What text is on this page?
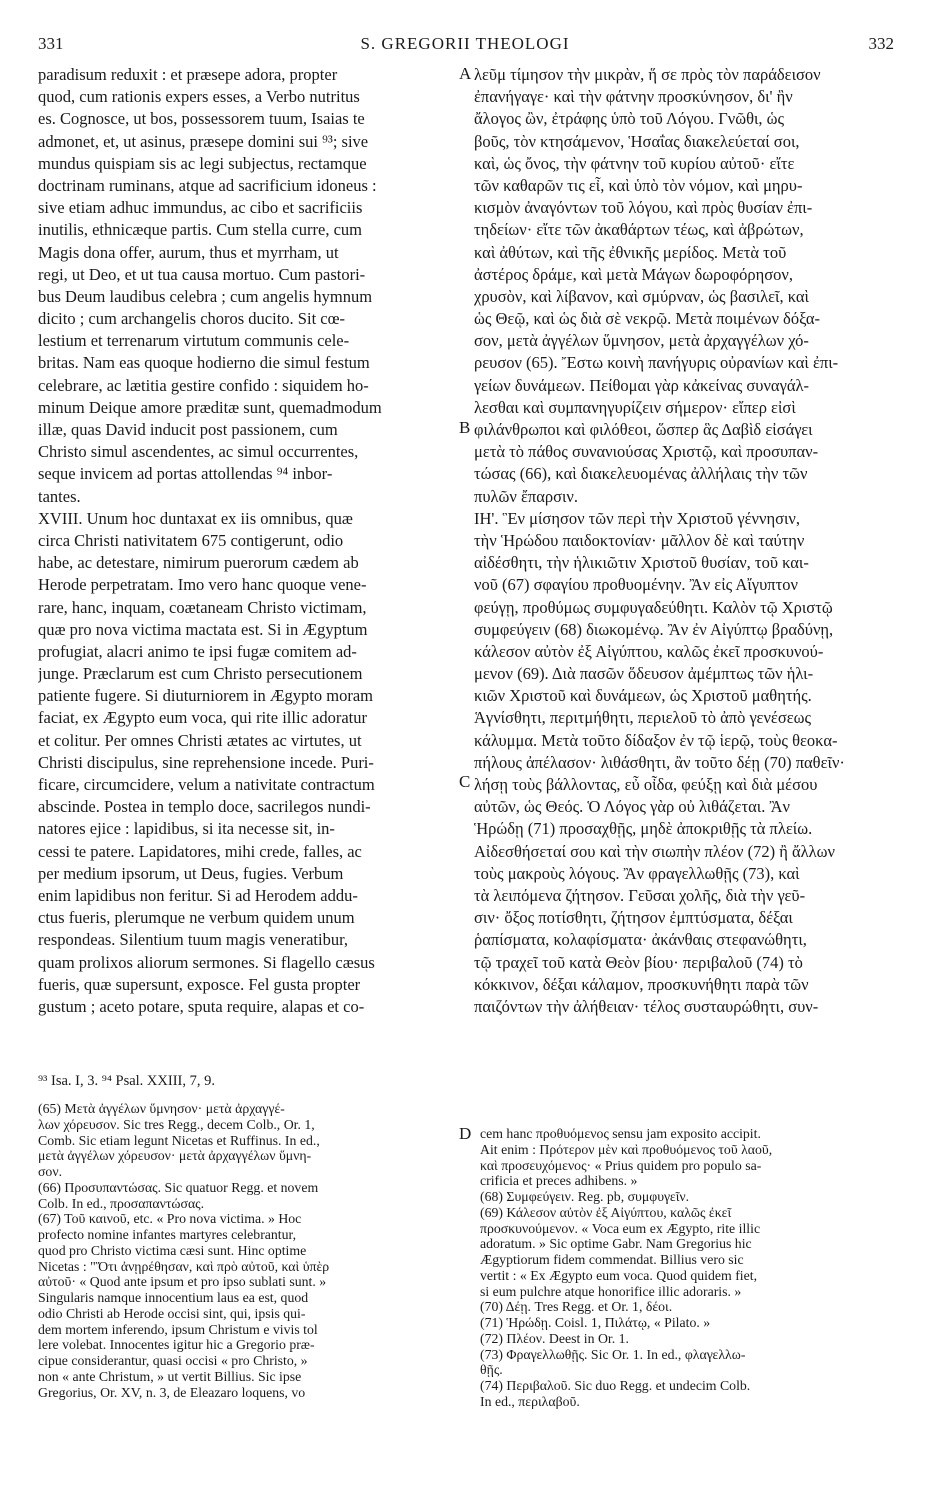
331	S. GREGORII THEOLOGI	332
paradisum reduxit : et præsepe adora, propter
quod, cum rationis expers esses, a Verbo nutritus
es. Cognosce, ut bos, possessorem tuum, Isaias te
admonet, et, ut asinus, præsepe domini sui ⁹³; sive
mundus quispiam sis ac legi subjectus, rectamque
doctrinam ruminans, atque ad sacrificium idoneus :
sive etiam adhuc immundus, ac cibo et sacrificiis
inutilis, ethnicæque partis. Cum stella curre, cum
Magis dona offer, aurum, thus et myrrham, ut
regi, ut Deo, et ut tua causa mortuo. Cum pastori-
bus Deum laudibus celebra ; cum angelis hymnum
dicito ; cum archangelis choros ducito. Sit cœ-
lestium et terrenarum virtutum communis cele-
britas. Nam eas quoque hodierno die simul festum
celebrare, ac lætitia gestire confido : siquidem ho-
minum Deique amore præditæ sunt, quemadmodum
illæ, quas David inducit post passionem, cum
Christo simul ascendentes, ac simul occurrentes,
seque invicem ad portas attollendas ⁹⁴ inbor-
tantes.
XVIII. Unum hoc duntaxat ex iis omnibus, quæ
circa Christi nativitatem 675 contigerunt, odio
habe, ac detestare, nimirum puerorum cædem ab
Herode perpetratam. Imo vero hanc quoque vene-
rare, hanc, inquam, coætaneam Christo victimam,
quæ pro nova victima mactata est. Si in Ægyptum
profugiat, alacri animo te ipsi fugæ comitem ad-
junge. Præclarum est cum Christo persecutionem
patiente fugere. Si diuturniorem in Ægypto moram
faciat, ex Ægypto eum voca, qui rite illic adoratur
et colitur. Per omnes Christi ætates ac virtutes, ut
Christi discipulus, sine reprehensione incede. Puri-
ficare, circumcidere, velum a nativitate contractum
abscinde. Postea in templo doce, sacrilegos nundi-
natores ejice : lapidibus, si ita necesse sit, in-
cessi te patere. Lapidatores, mihi crede, falles, ac
per medium ipsorum, ut Deus, fugies. Verbum
enim lapidibus non feritur. Si ad Herodem addu-
ctus fueris, plerumque ne verbum quidem unum
respondeas. Silentium tuum magis veneratibur,
quam prolixos aliorum sermones. Si flagello cæsus
fueris, quæ supersunt, exposce. Fel gusta propter
gustum ; aceto potare, sputa require, alapas et co-
λεῦμ τίμησον τὴν μικρὰν, ἥ σε πρὸς τὸν παράδεισον
ἐπανήγαγε· καὶ τὴν φάτνην προσκύνησον, δι' ἣν
ἄλογος ὢν, ἐτράφης ὑπὸ τοῦ Λόγου. Γνῶθι, ὡς
βοῦς, τὸν κτησάμενον, Ἡσαΐας διακελεύεταί σοι,
καὶ, ὡς ὄνος, τὴν φάτνην τοῦ κυρίου αὐτοῦ· εἴτε
τῶν καθαρῶν τις εἶ, καὶ ὑπὸ τὸν νόμον, καὶ μηρυ-
κισμὸν ἀναγόντων τοῦ λόγου, καὶ πρὸς θυσίαν ἐπι-
τηδείων· εἴτε τῶν ἀκαθάρτων τέως, καὶ ἀβρώτων,
καὶ ἀθύτων, καὶ τῆς ἐθνικῆς μερίδος. Μετὰ τοῦ
ἀστέρος δράμε, καὶ μετὰ Μάγων δωροφόρησον,
χρυσὸν, καὶ λίβανον, καὶ σμύρναν, ὡς βασιλεῖ, καὶ
ὡς Θεῷ, καὶ ὡς διὰ σὲ νεκρῷ. Μετὰ ποιμένων δόξα-
σον, μετὰ ἀγγέλων ὕμνησον, μετὰ ἀρχαγγέλων χό-
ρευσον (65). Ἔστω κοινὴ πανήγυρις οὐρανίων καὶ ἐπι-
γείων δυνάμεων. Πείθομαι γὰρ κἀκείνας συναγάλ-
λεσθαι καὶ συμπανηγυρίζειν σήμερον· εἴπερ εἰσὶ
φιλάνθρωποι καὶ φιλόθεοι, ὥσπερ ἃς Δαβὶδ εἰσάγει
μετὰ τὸ πάθος συνανιούσας Χριστῷ, καὶ προσυπαν-
τώσας (66), καὶ διακελευομένας ἀλλήλαις τὴν τῶν
πυλῶν ἔπαρσιν.
ΙΗ'. Ἓν μίσησον τῶν περὶ τὴν Χριστοῦ γέννησιν,
τὴν Ἡρώδου παιδοκτονίαν· μᾶλλον δὲ καὶ ταύτην
αἰδέσθητι, τὴν ἡλικιῶτιν Χριστοῦ θυσίαν, τοῦ και-
νοῦ (67) σφαγίου προθυομένην. Ἂν εἰς Αἴγυπτον
φεύγῃ, προθύμως συμφυγαδεύθητι. Καλὸν τῷ Χριστῷ
συμφεύγειν (68) διωκομένῳ. Ἂν ἐν Αἰγύπτῳ βραδύνῃ,
κάλεσον αὐτὸν ἐξ Αἰγύπτου, καλῶς ἐκεῖ προσκυνού-
μενον (69). Διὰ πασῶν ὅδευσον ἀμέμπτως τῶν ἡλι-
κιῶν Χριστοῦ καὶ δυνάμεων, ὡς Χριστοῦ μαθητής.
Ἁγνίσθητι, περιτμήθητι, περιελοῦ τὸ ἀπὸ γενέσεως
κάλυμμα. Μετὰ τοῦτο δίδαξον ἐν τῷ ἱερῷ, τοὺς θεοκα-
πήλους ἀπέλασον· λιθάσθητι, ἂν τοῦτο δέῃ (70) παθεῖν·
λήσῃ τοὺς βάλλοντας, εὖ οἶδα, φεύξῃ καὶ διὰ μέσου
αὐτῶν, ὡς Θεός. Ὁ Λόγος γὰρ οὐ λιθάζεται. Ἂν
Ἡρώδῃ (71) προσαχθῇς, μηδὲ ἀποκριθῇς τὰ πλείω.
Αἰδεσθήσεταί σου καὶ τὴν σιωπὴν πλέον (72) ἢ ἄλλων
τοὺς μακροὺς λόγους. Ἂν φραγελλωθῇς (73), καὶ
τὰ λειπόμενα ζήτησον. Γεῦσαι χολῆς, διὰ τὴν γεῦ-
σιν· ὄξος ποτίσθητι, ζήτησον ἐμπτύσματα, δέξαι
ῥαπίσματα, κολαφίσματα· ἀκάνθαις στεφανώθητι,
τῷ τραχεῖ τοῦ κατὰ Θεὸν βίου· περιβαλοῦ (74) τὸ
κόκκινον, δέξαι κάλαμον, προσκυνήθητι παρὰ τῶν
παιζόντων τὴν ἀλήθειαν· τέλος συσταυρώθητι, συν-
A
B
C
D
⁹³ Isa. I, 3. ⁹⁴ Psal. XXIII, 7, 9.
(65) Μετὰ ἀγγέλων ὕμνησον· μετὰ ἀρχαγγέ-
λων χόρευσον. Sic tres Regg., decem Colb., Or. 1,
Comb. Sic etiam legunt Nicetas et Ruffinus. In ed.,
μετὰ ἀγγέλων χόρευσον· μετὰ ἀρχαγγέλων ὕμνη-
σον.
(66) Προσυπαντώσας. Sic quatuor Regg. et novem
Colb. In ed., προσαπαντώσας.
(67) Τοῦ καινοῦ, etc. « Pro nova victima. » Hoc
profecto nomine infantes martyres celebrantur,
quod pro Christo victima cæsi sunt. Hinc optime
Nicetas : "Ὅτι ἀνῃρέθησαν, καὶ πρὸ αὐτοῦ, καὶ ὑπὲρ
αὐτοῦ· « Quod ante ipsum et pro ipso sublati sunt. »
Singularis namque innocentium laus ea est, quod
odio Christi ab Herode occisi sint, qui, ipsis qui-
dem mortem inferendo, ipsum Christum e vivis tol
lere volebat. Innocentes igitur hic a Gregorio præ-
cipue considerantur, quasi occisi « pro Christo, »
non « ante Christum, » ut vertit Billius. Sic ipse
Gregorius, Or. XV, n. 3, de Eleazaro loquens, vo
cem hanc προθυόμενος sensu jam exposito accipit.
Ait enim : Πρότερον μὲν καὶ προθυόμενος τοῦ λαοῦ,
καὶ προσευχόμενος· « Prius quidem pro populo sa-
crificia et preces adhibens. »
(68) Συμφεύγειν. Reg. pb, συμφυγεῖν.
(69) Κάλεσον αὐτὸν ἐξ Αἰγύπτου, καλῶς ἐκεῖ
προσκυνούμενον. « Voca eum ex Ægypto, rite illic
adoratum. » Sic optime Gabr. Nam Gregorius hic
Ægyptiorum fidem commendat. Billius vero sic
vertit : « Ex Ægypto eum voca. Quod quidem fiet,
si eum pulchre atque honorifice illic adoraris. »
(70) Δέῃ. Tres Regg. et Or. 1, δέοι.
(71) Ἡρώδῃ. Coisl. 1, Πιλάτῳ, « Pilato. »
(72) Πλέον. Deest in Or. 1.
(73) Φραγελλωθῇς. Sic Or. 1. In ed., φλαγελλω-
θῇς.
(74) Περιβαλοῦ. Sic duo Regg. et undecim Colb.
In ed., περιλαβοῦ.
